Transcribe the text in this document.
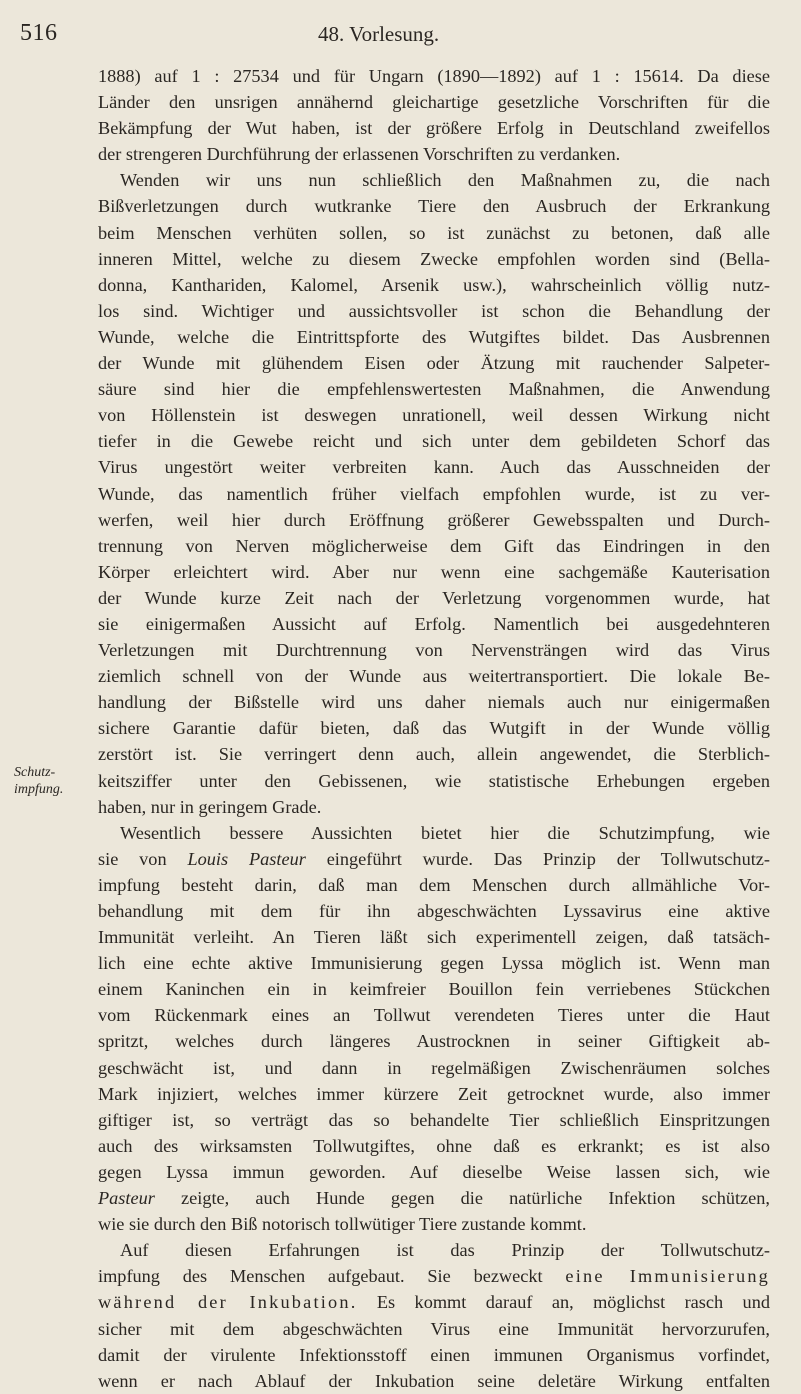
516	48. Vorlesung.
Schutz-
impfung.
1888) auf 1 : 27534 und für Ungarn (1890—1892) auf 1 : 15614. Da diese
Länder den unsrigen annähernd gleichartige gesetzliche Vorschriften für die
Bekämpfung der Wut haben, ist der größere Erfolg in Deutschland zweifellos
der strengeren Durchführung der erlassenen Vorschriften zu verdanken.
Wenden wir uns nun schließlich den Maßnahmen zu, die nach
Bißverletzungen durch wutkranke Tiere den Ausbruch der Erkrankung
beim Menschen verhüten sollen, so ist zunächst zu betonen, daß alle
inneren Mittel, welche zu diesem Zwecke empfohlen worden sind (Bella-
donna, Kanthariden, Kalomel, Arsenik usw.), wahrscheinlich völlig nutz-
los sind. Wichtiger und aussichtsvoller ist schon die Behandlung der
Wunde, welche die Eintrittspforte des Wutgiftes bildet. Das Ausbrennen
der Wunde mit glühendem Eisen oder Ätzung mit rauchender Salpeter-
säure sind hier die empfehlenswertesten Maßnahmen, die Anwendung
von Höllenstein ist deswegen unrationell, weil dessen Wirkung nicht
tiefer in die Gewebe reicht und sich unter dem gebildeten Schorf das
Virus ungestört weiter verbreiten kann. Auch das Ausschneiden der
Wunde, das namentlich früher vielfach empfohlen wurde, ist zu ver-
werfen, weil hier durch Eröffnung größerer Gewebsspalten und Durch-
trennung von Nerven möglicherweise dem Gift das Eindringen in den
Körper erleichtert wird. Aber nur wenn eine sachgemäße Kauterisation
der Wunde kurze Zeit nach der Verletzung vorgenommen wurde, hat
sie einigermaßen Aussicht auf Erfolg. Namentlich bei ausgedehnteren
Verletzungen mit Durchtrennung von Nervensträngen wird das Virus
ziemlich schnell von der Wunde aus weitertransportiert. Die lokale Be-
handlung der Bißstelle wird uns daher niemals auch nur einigermaßen
sichere Garantie dafür bieten, daß das Wutgift in der Wunde völlig
zerstört ist. Sie verringert denn auch, allein angewendet, die Sterblich-
keitsziffer unter den Gebissenen, wie statistische Erhebungen ergeben
haben, nur in geringem Grade.
Wesentlich bessere Aussichten bietet hier die Schutzimpfung, wie
sie von Louis Pasteur eingeführt wurde. Das Prinzip der Tollwutschutz-
impfung besteht darin, daß man dem Menschen durch allmähliche Vor-
behandlung mit dem für ihn abgeschwächten Lyssavirus eine aktive
Immunität verleiht. An Tieren läßt sich experimentell zeigen, daß tatsäch-
lich eine echte aktive Immunisierung gegen Lyssa möglich ist. Wenn man
einem Kaninchen ein in keimfreier Bouillon fein verriebenes Stückchen
vom Rückenmark eines an Tollwut verendeten Tieres unter die Haut
spritzt, welches durch längeres Austrocknen in seiner Giftigkeit ab-
geschwächt ist, und dann in regelmäßigen Zwischenräumen solches
Mark injiziert, welches immer kürzere Zeit getrocknet wurde, also immer
giftiger ist, so verträgt das so behandelte Tier schließlich Einspritzungen
auch des wirksamsten Tollwutgiftes, ohne daß es erkrankt; es ist also
gegen Lyssa immun geworden. Auf dieselbe Weise lassen sich, wie
Pasteur zeigte, auch Hunde gegen die natürliche Infektion schützen,
wie sie durch den Biß notorisch tollwütiger Tiere zustande kommt.
Auf diesen Erfahrungen ist das Prinzip der Tollwutschutz-
impfung des Menschen aufgebaut. Sie bezweckt eine Immunisierung
während der Inkubation. Es kommt darauf an, möglichst rasch und
sicher mit dem abgeschwächten Virus eine Immunität hervorzurufen,
damit der virulente Infektionsstoff einen immunen Organismus vorfindet,
wenn er nach Ablauf der Inkubation seine deletäre Wirkung entfalten
